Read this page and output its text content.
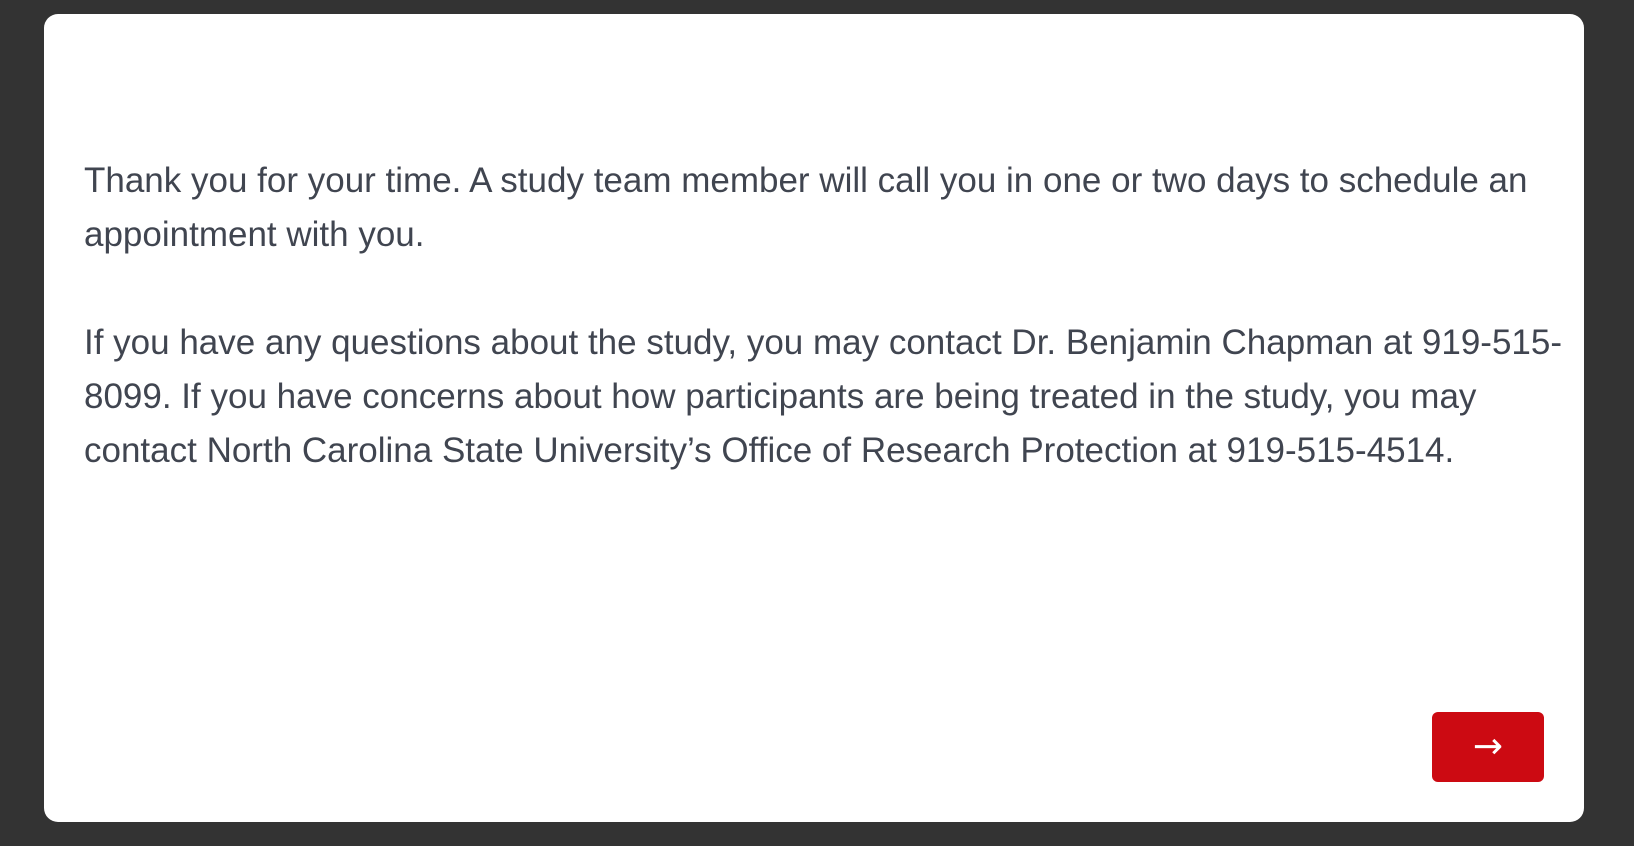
Thank you for your time. A study team member will call you in one or two days to schedule an appointment with you.

If you have any questions about the study, you may contact Dr. Benjamin Chapman at 919-515-8099. If you have concerns about how participants are being treated in the study, you may contact North Carolina State University’s Office of Research Protection at 919-515-4514.

→
